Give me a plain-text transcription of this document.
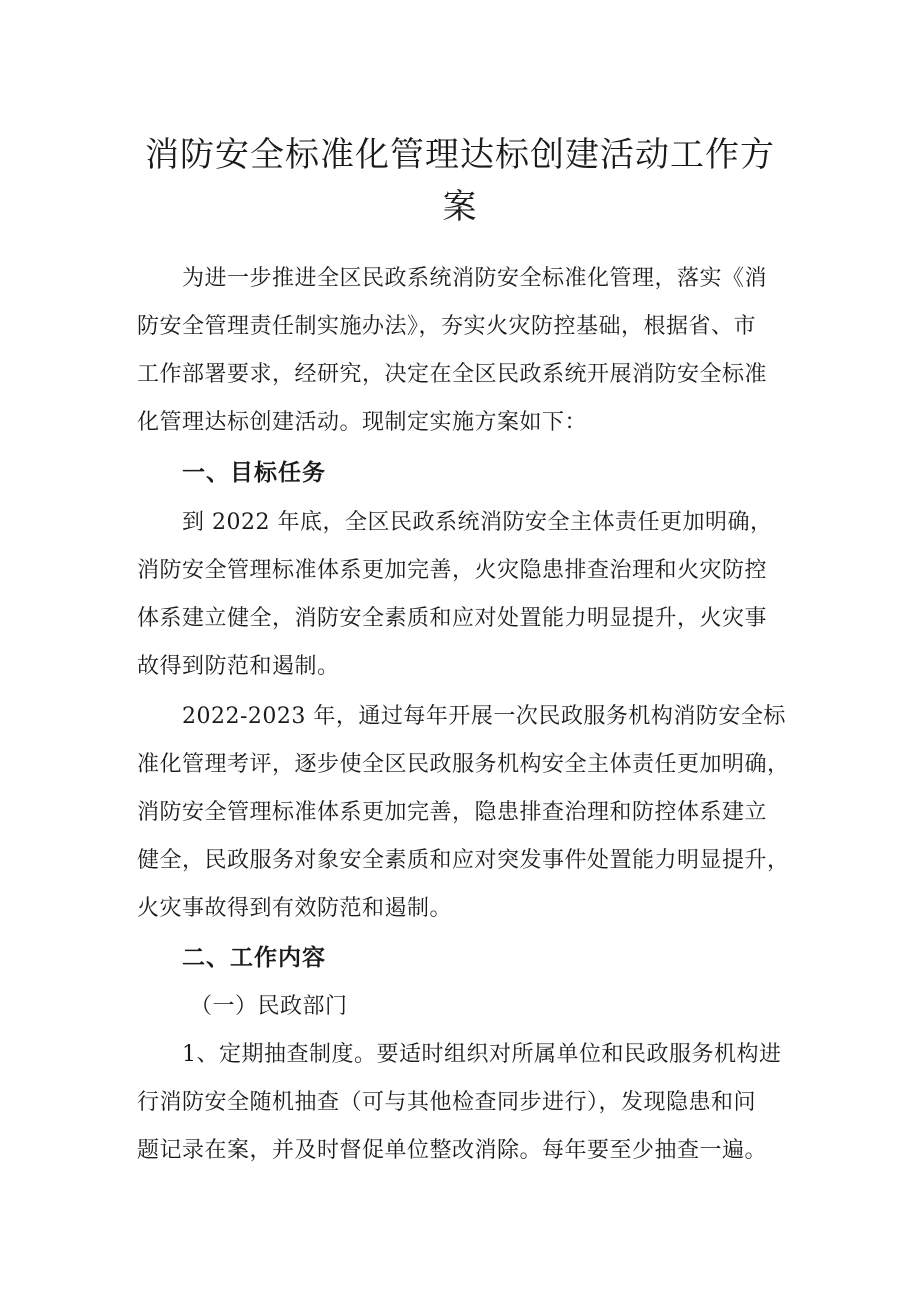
消防安全标准化管理达标创建活动工作方
案
为进一步推进全区民政系统消防安全标准化管理，落实《消
防安全管理责任制实施办法》，夯实火灾防控基础，根据省、市
工作部署要求，经研究，决定在全区民政系统开展消防安全标准
化管理达标创建活动。现制定实施方案如下：
一、目标任务
到 2022 年底，全区民政系统消防安全主体责任更加明确，
消防安全管理标准体系更加完善，火灾隐患排查治理和火灾防控
体系建立健全，消防安全素质和应对处置能力明显提升，火灾事
故得到防范和遏制。
2022-2023 年，通过每年开展一次民政服务机构消防安全标
准化管理考评，逐步使全区民政服务机构安全主体责任更加明确，
消防安全管理标准体系更加完善，隐患排查治理和防控体系建立
健全，民政服务对象安全素质和应对突发事件处置能力明显提升，
火灾事故得到有效防范和遏制。
二、工作内容
（一）民政部门
1、定期抽查制度。要适时组织对所属单位和民政服务机构进
行消防安全随机抽查（可与其他检查同步进行），发现隐患和问
题记录在案，并及时督促单位整改消除。每年要至少抽查一遍。
